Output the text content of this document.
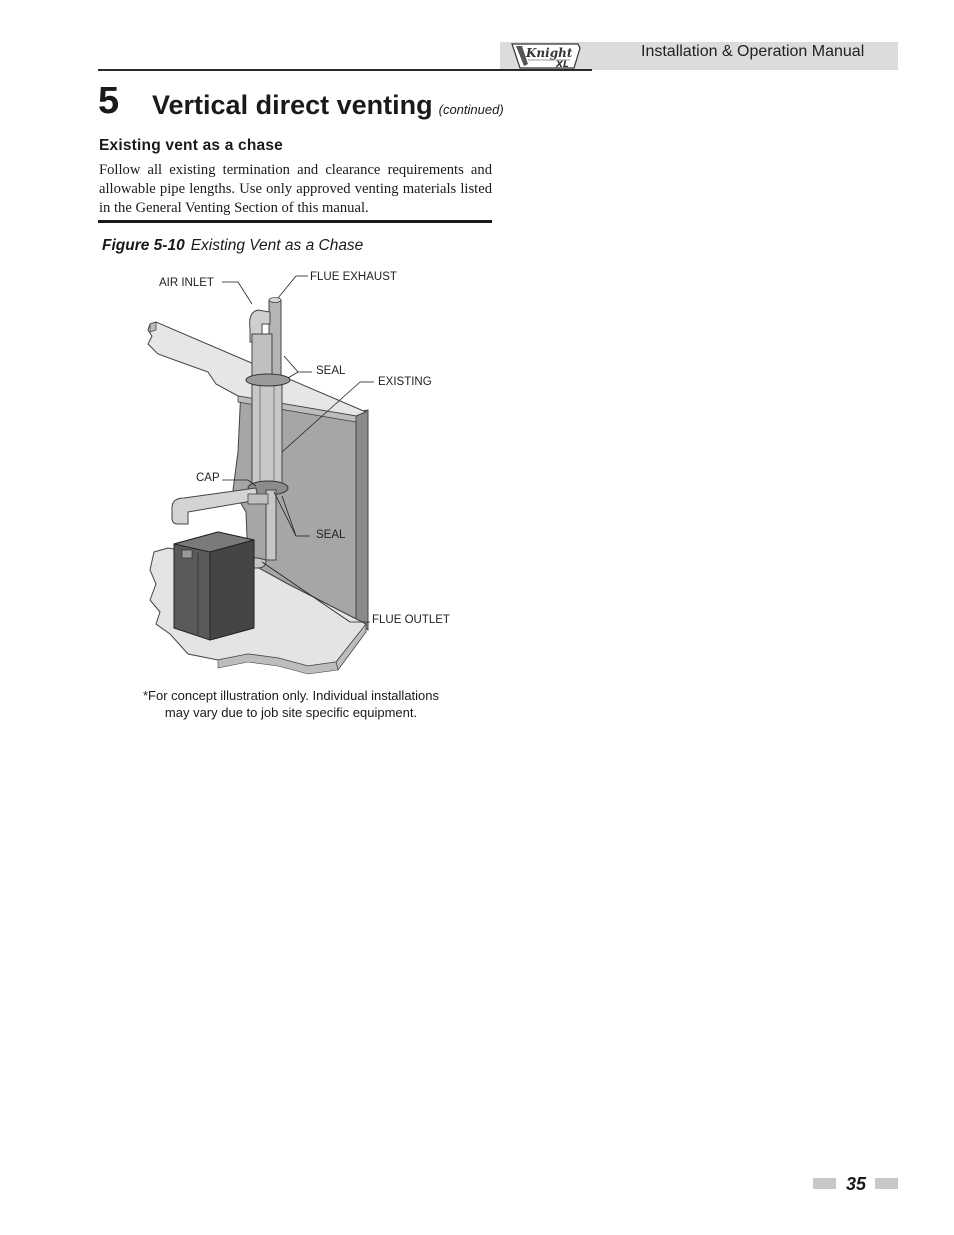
Knight
XL
Installation & Operation Manual
5 Vertical direct venting (continued)
Existing vent as a chase
Follow all existing termination and clearance requirements and allowable pipe lengths. Use only approved venting materials listed in the General Venting Section of this manual.
Figure 5-10 Existing Vent as a Chase
AIR INLET	FLUE EXHAUST
SEAL
EXISTING
CAP
SEAL
FLUE OUTLET
*For concept illustration only. Individual installations
may vary due to job site specific equipment.
35
